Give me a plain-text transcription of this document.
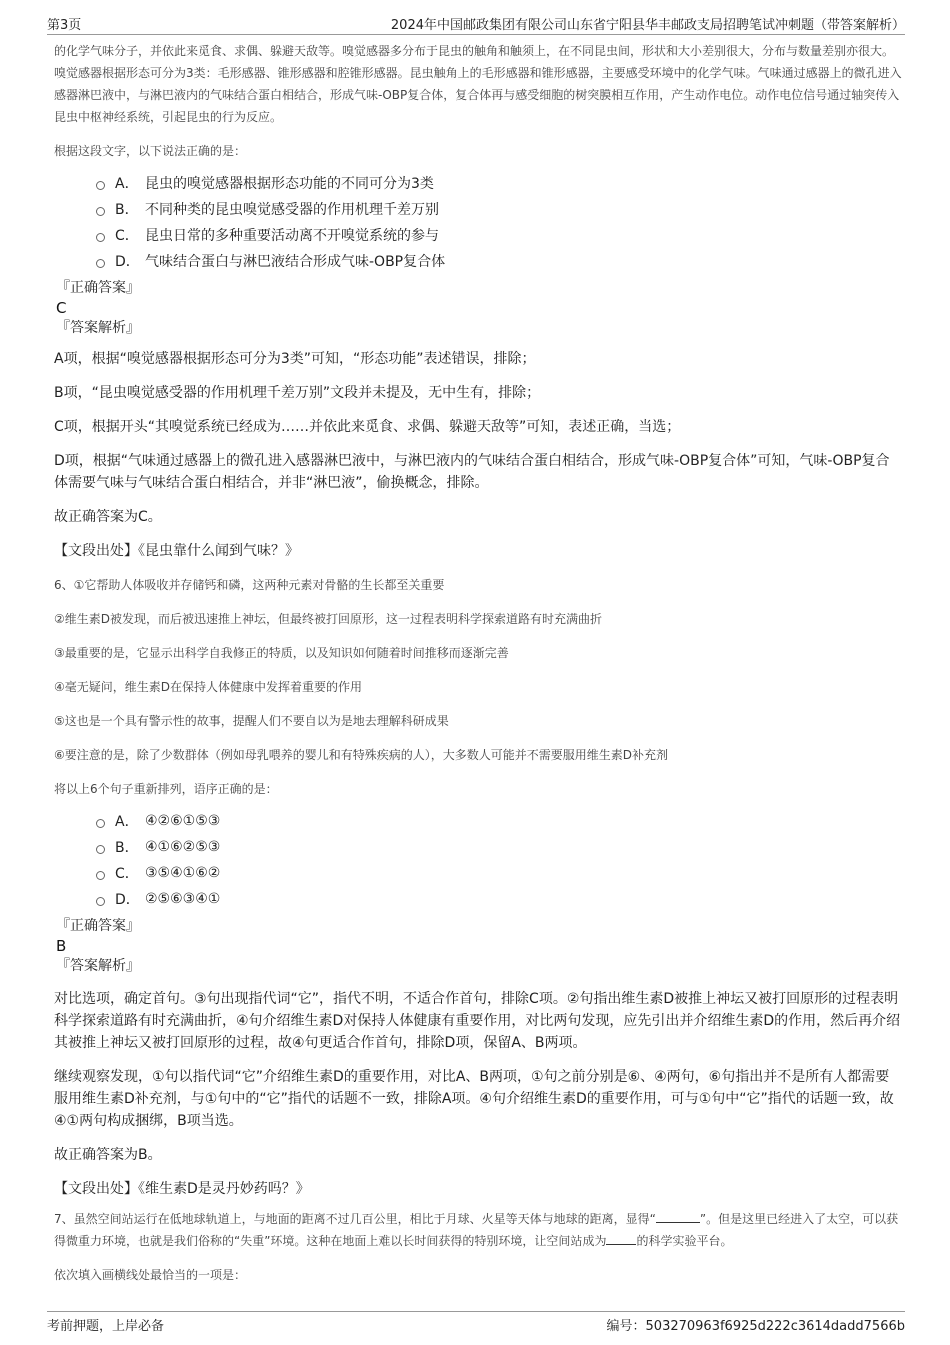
第3页	2024年中国邮政集团有限公司山东省宁阳县华丰邮政支局招聘笔试冲刺题（带答案解析）

的化学气味分子，并依此来觅食、求偶、躲避天敌等。嗅觉感器多分布于昆虫的触角和触须上，在不同昆虫间，形状和大小差别很大，分布与数量差别亦很大。嗅觉感器根据形态可分为3类：毛形感器、锥形感器和腔锥形感器。昆虫触角上的毛形感器和锥形感器，主要感受环境中的化学气味。气味通过感器上的微孔进入感器淋巴液中，与淋巴液内的气味结合蛋白相结合，形成气味-OBP复合体，复合体再与感受细胞的树突膜相互作用，产生动作电位。动作电位信号通过轴突传入昆虫中枢神经系统，引起昆虫的行为反应。

根据这段文字，以下说法正确的是：

A． 昆虫的嗅觉感器根据形态功能的不同可分为3类
B． 不同种类的昆虫嗅觉感受器的作用机理千差万别
C． 昆虫日常的多种重要活动离不开嗅觉系统的参与
D． 气味结合蛋白与淋巴液结合形成气味-OBP复合体

『正确答案』

C

『答案解析』

A项，根据“嗅觉感器根据形态可分为3类”可知，“形态功能”表述错误，排除；

B项，“昆虫嗅觉感受器的作用机理千差万别”文段并未提及，无中生有，排除；

C项，根据开头“其嗅觉系统已经成为……并依此来觅食、求偶、躲避天敌等”可知，表述正确，当选；

D项，根据“气味通过感器上的微孔进入感器淋巴液中，与淋巴液内的气味结合蛋白相结合，形成气味-OBP复合体”可知，气味-OBP复合体需要气味与气味结合蛋白相结合，并非“淋巴液”，偷换概念，排除。

故正确答案为C。

【文段出处】《昆虫靠什么闻到气味？》

6、①它帮助人体吸收并存储钙和磷，这两种元素对骨骼的生长都至关重要

②维生素D被发现，而后被迅速推上神坛，但最终被打回原形，这一过程表明科学探索道路有时充满曲折

③最重要的是，它显示出科学自我修正的特质，以及知识如何随着时间推移而逐渐完善

④毫无疑问，维生素D在保持人体健康中发挥着重要的作用

⑤这也是一个具有警示性的故事，提醒人们不要自以为是地去理解科研成果

⑥要注意的是，除了少数群体（例如母乳喂养的婴儿和有特殊疾病的人），大多数人可能并不需要服用维生素D补充剂

将以上6个句子重新排列，语序正确的是：

A． ④②⑥①⑤③
B． ④①⑥②⑤③
C． ③⑤④①⑥②
D． ②⑤⑥③④①

『正确答案』

B

『答案解析』

对比选项，确定首句。③句出现指代词“它”，指代不明，不适合作首句，排除C项。②句指出维生素D被推上神坛又被打回原形的过程表明科学探索道路有时充满曲折，④句介绍维生素D对保持人体健康有重要作用，对比两句发现，应先引出并介绍维生素D的作用，然后再介绍其被推上神坛又被打回原形的过程，故④句更适合作首句，排除D项，保留A、B两项。

继续观察发现，①句以指代词“它”介绍维生素D的重要作用，对比A、B两项，①句之前分别是⑥、④两句，⑥句指出并不是所有人都需要服用维生素D补充剂，与①句中的“它”指代的话题不一致，排除A项。④句介绍维生素D的重要作用，可与①句中“它”指代的话题一致，故④①两句构成捆绑，B项当选。

故正确答案为B。

【文段出处】《维生素D是灵丹妙药吗？》

7、虽然空间站运行在低地球轨道上，与地面的距离不过几百公里，相比于月球、火星等天体与地球的距离，显得“	”。但是这里已经进入了太空，可以获得微重力环境，也就是我们俗称的“失重”环境。这种在地面上难以长时间获得的特别环境，让空间站成为	的科学实验平台。

依次填入画横线处最恰当的一项是：

考前押题，上岸必备	编号：503270963f6925d222c3614dadd7566b
